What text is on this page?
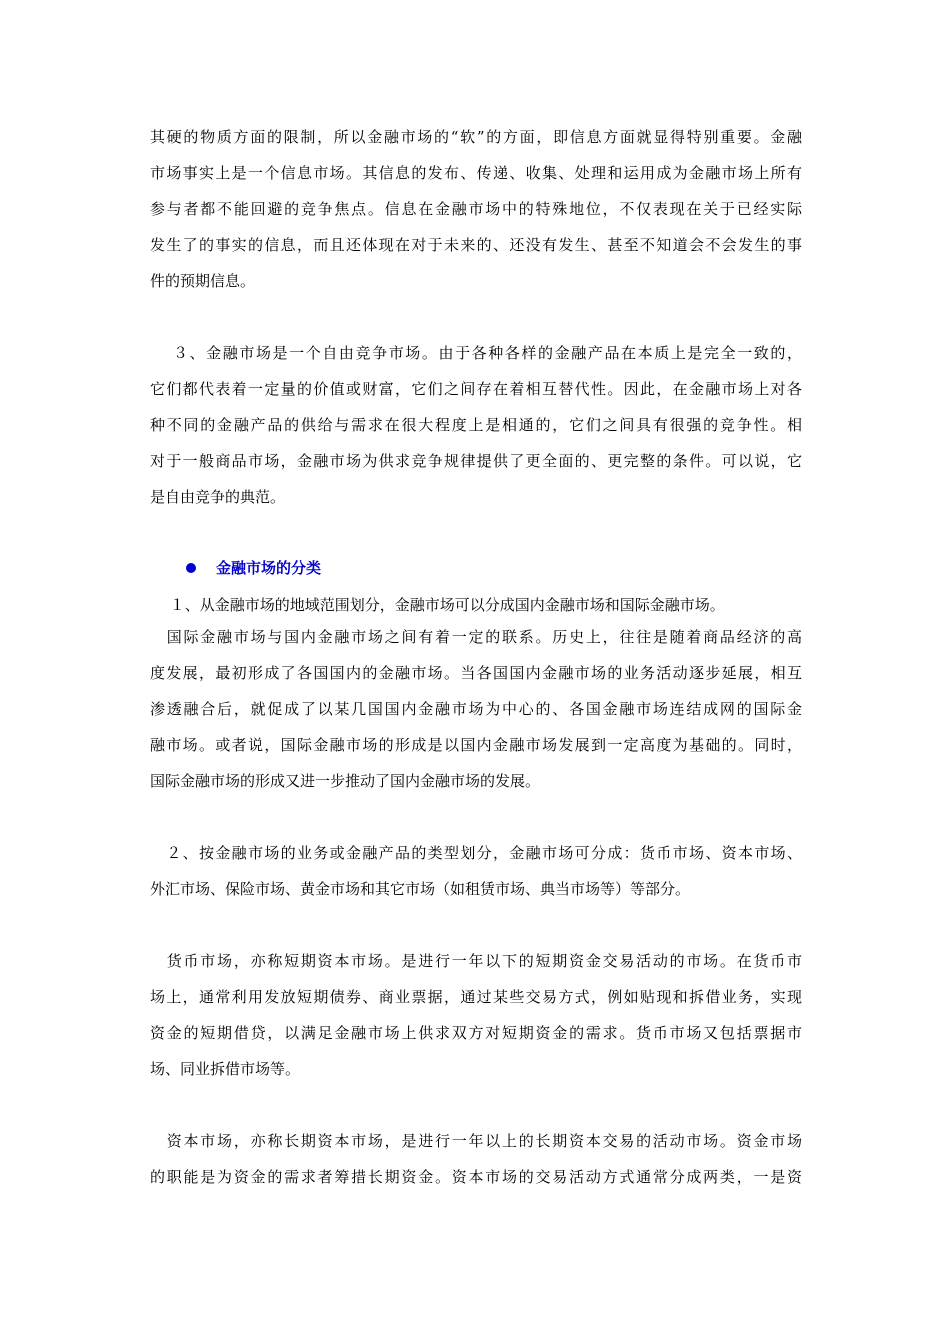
其硬的物质方面的限制，所以金融市场的“软”的方面，即信息方面就显得特别重要。金融
市场事实上是一个信息市场。其信息的发布、传递、收集、处理和运用成为金融市场上所有
参与者都不能回避的竞争焦点。信息在金融市场中的特殊地位，不仅表现在关于已经实际
发生了的事实的信息，而且还体现在对于未来的、还没有发生、甚至不知道会不会发生的事
件的预期信息。
　 ３、金融市场是一个自由竞争市场。由于各种各样的金融产品在本质上是完全一致的，
它们都代表着一定量的价值或财富，它们之间存在着相互替代性。因此，在金融市场上对各
种不同的金融产品的供给与需求在很大程度上是相通的，它们之间具有很强的竞争性。相
对于一般商品市场，金融市场为供求竞争规律提供了更全面的、更完整的条件。可以说，它
是自由竞争的典范。
金融市场的分类
　 １、从金融市场的地域范围划分，金融市场可以分成国内金融市场和国际金融市场。
　国际金融市场与国内金融市场之间有着一定的联系。历史上，往往是随着商品经济的高
度发展，最初形成了各国国内的金融市场。当各国国内金融市场的业务活动逐步延展，相互
渗透融合后，就促成了以某几国国内金融市场为中心的、各国金融市场连结成网的国际金
融市场。或者说，国际金融市场的形成是以国内金融市场发展到一定高度为基础的。同时，
国际金融市场的形成又进一步推动了国内金融市场的发展。
　２、按金融市场的业务或金融产品的类型划分，金融市场可分成：货币市场、资本市场、
外汇市场、保险市场、黄金市场和其它市场（如租赁市场、典当市场等）等部分。
　货币市场，亦称短期资本市场。是进行一年以下的短期资金交易活动的市场。在货币市
场上，通常利用发放短期债券、商业票据，通过某些交易方式，例如贴现和拆借业务，实现
资金的短期借贷，以满足金融市场上供求双方对短期资金的需求。货币市场又包括票据市
场、同业拆借市场等。
　资本市场，亦称长期资本市场，是进行一年以上的长期资本交易的活动市场。资金市场
的职能是为资金的需求者筹措长期资金。资本市场的交易活动方式通常分成两类，一是资
